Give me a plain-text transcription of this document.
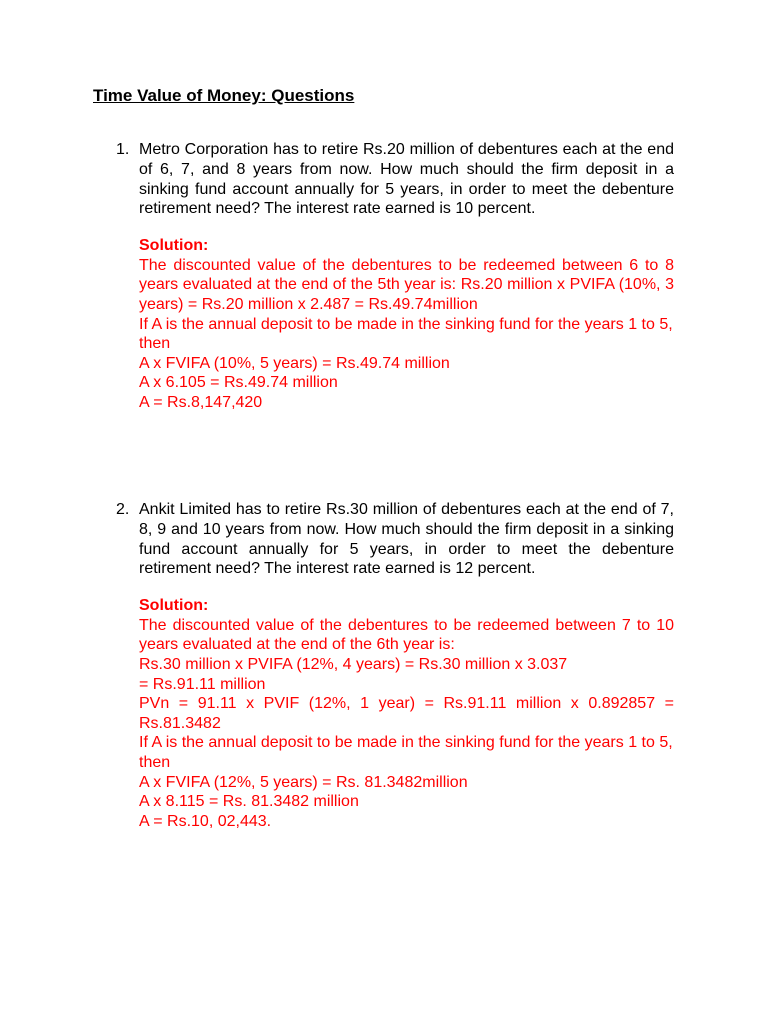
Time Value of Money: Questions
1. Metro Corporation has to retire Rs.20 million of debentures each at the end of 6, 7, and 8 years from now. How much should the firm deposit in a sinking fund account annually for 5 years, in order to meet the debenture retirement need? The interest rate earned is 10 percent.
Solution:
The discounted value of the debentures to be redeemed between 6 to 8 years evaluated at the end of the 5th year is: Rs.20 million x PVIFA (10%, 3 years) = Rs.20 million x 2.487 = Rs.49.74million
If A is the annual deposit to be made in the sinking fund for the years 1 to 5,
then
A x FVIFA (10%, 5 years) = Rs.49.74 million
A x 6.105 = Rs.49.74 million
A = Rs.8,147,420
2. Ankit Limited has to retire Rs.30 million of debentures each at the end of 7, 8, 9 and 10 years from now. How much should the firm deposit in a sinking fund account annually for 5 years, in order to meet the debenture retirement need? The interest rate earned is 12 percent.
Solution:
The discounted value of the debentures to be redeemed between 7 to 10 years evaluated at the end of the 6th year is:
Rs.30 million x PVIFA (12%, 4 years) = Rs.30 million x 3.037
= Rs.91.11 million
PVn = 91.11 x PVIF (12%, 1 year) = Rs.91.11 million x 0.892857 = Rs.81.3482
If A is the annual deposit to be made in the sinking fund for the years 1 to 5,
then
A x FVIFA (12%, 5 years) = Rs. 81.3482million
A x 8.115 = Rs. 81.3482 million
A = Rs.10, 02,443.
